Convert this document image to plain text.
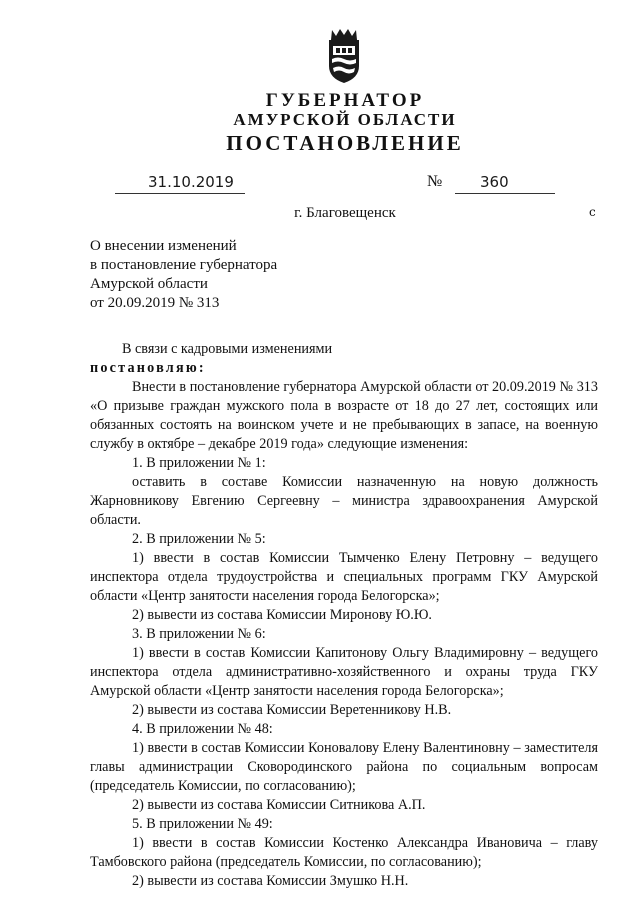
ГУБЕРНАТОР
АМУРСКОЙ ОБЛАСТИ
ПОСТАНОВЛЕНИЕ
31.10.2019	№	360
г. Благовещенск	ⅽ
О внесении изменений
в постановление губернатора
Амурской области
от 20.09.2019 № 313

В связи с кадровыми изменениями

постановляю:

Внести в постановление губернатора Амурской области от 20.09.2019 № 313 «О призыве граждан мужского пола в возрасте от 18 до 27 лет, состоящих или обязанных состоять на воинском учете и не пребывающих в запасе, на военную службу в октябре – декабре 2019 года» следующие изменения:

1. В приложении № 1:

оставить в составе Комиссии назначенную на новую должность Жарновникову Евгению Сергеевну – министра здравоохранения Амурской области.

2. В приложении № 5:

1) ввести в состав Комиссии Тымченко Елену Петровну – ведущего инспектора отдела трудоустройства и специальных программ ГКУ Амурской области «Центр занятости населения города Белогорска»;

2) вывести из состава Комиссии Миронову Ю.Ю.

3. В приложении № 6:

1) ввести в состав Комиссии Капитонову Ольгу Владимировну – ведущего инспектора отдела административно-хозяйственного и охраны труда ГКУ Амурской области «Центр занятости населения города Белогорска»;

2) вывести из состава Комиссии Веретенникову Н.В.

4. В приложении № 48:

1) ввести в состав Комиссии Коновалову Елену Валентиновну – заместителя главы администрации Сковородинского района по социальным вопросам (председатель Комиссии, по согласованию);

2) вывести из состава Комиссии Ситникова А.П.

5. В приложении № 49:

1) ввести в состав Комиссии Костенко Александра Ивановича – главу Тамбовского района (председатель Комиссии, по согласованию);

2) вывести из состава Комиссии Змушко Н.Н.
